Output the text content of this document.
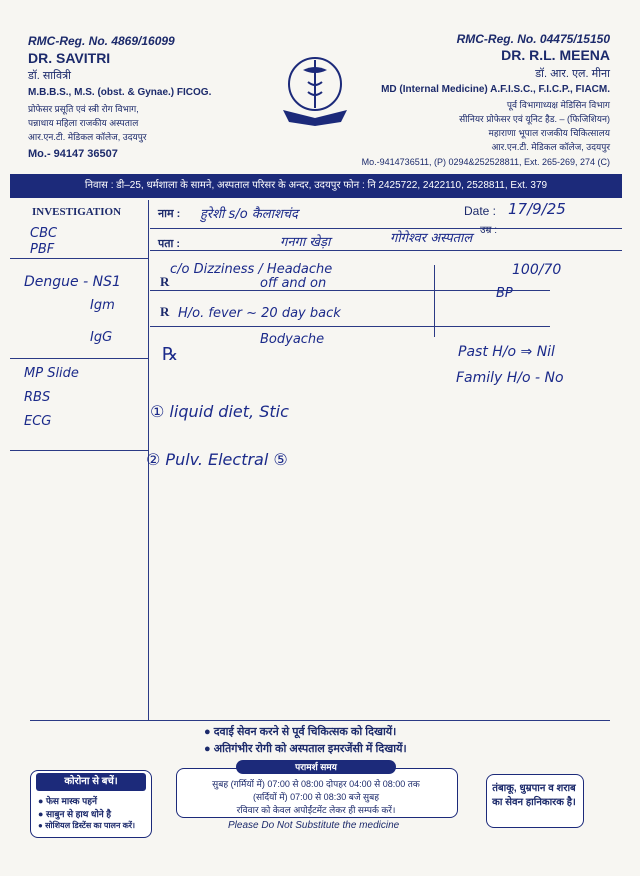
RMC-Reg. No. 4869/16099
DR. SAVITRI
डॉ. सावित्री
M.B.B.S., M.S. (obst. & Gynae.) FICOG.
प्रोफेसर प्रसूति एवं स्त्री रोग विभाग,
पन्नाधाय महिला राजकीय अस्पताल
आर.एन.टी. मेडिकल कॉलेज, उदयपुर
Mo.- 94147 36507
RMC-Reg. No. 04475/15150
DR. R.L. MEENA
डॉ. आर. एल. मीना
MD (Internal Medicine) A.F.I.S.C., F.I.C.P., FIACM.
पूर्व विभागाध्यक्ष मेडिसिन विभाग
सीनियर प्रोफेसर एवं यूनिट हैड. – (फिजिशियन)
महाराणा भूपाल राजकीय चिकित्सालय
आर.एन.टी. मेडिकल कॉलेज, उदयपुर
Mo.-9414736511, (P) 0294&252528811, Ext. 265-269, 274 (C)
निवास : डी–25, धर्मशाला के सामने, अस्पताल परिसर के अन्दर, उदयपुर फोन : नि 2425722, 2422110, 2528811, Ext. 379
INVESTIGATION	नाम :	Date :
उम्र :
पता :
हुरेशी s/o कैलाशचंद	17/9/25
गनगा खेड़ा	गोगेश्वर अस्पताल
CBC
PBF
Dengue - NS1
Igm
IgG
MP Slide
RBS
ECG
c/o Dizziness / Headache
off and on
R
R H/o. fever ~ 20 day back
Bodyache
100/70
BP
℞	Past H/o ⇒ Nil
Family H/o - No
① liquid diet, Stic
② Pulv. Electral ⑤
● दवाई सेवन करने से पूर्व चिकित्सक को दिखायें।
● अतिगंभीर रोगी को अस्पताल इमरजेंसी में दिखायें।
कोरोना से बचें।
● फेस मास्क पहनें
● साबुन से हाथ धोने है
● सोशियल डिस्टेंस का पालन करें।
परामर्श समय
सुबह (गर्मियों में) 07:00 से 08:00 दोपहर 04:00 से 08:00 तक
(सर्दियों में) 07:00 से 08:30 बजे सुबह
रविवार को केवल अपोईंटमेंट लेकर ही सम्पर्क करें।
तंबाकू, धुम्रपान व शराब का सेवन हानिकारक है।
Please Do Not Substitute the medicine
